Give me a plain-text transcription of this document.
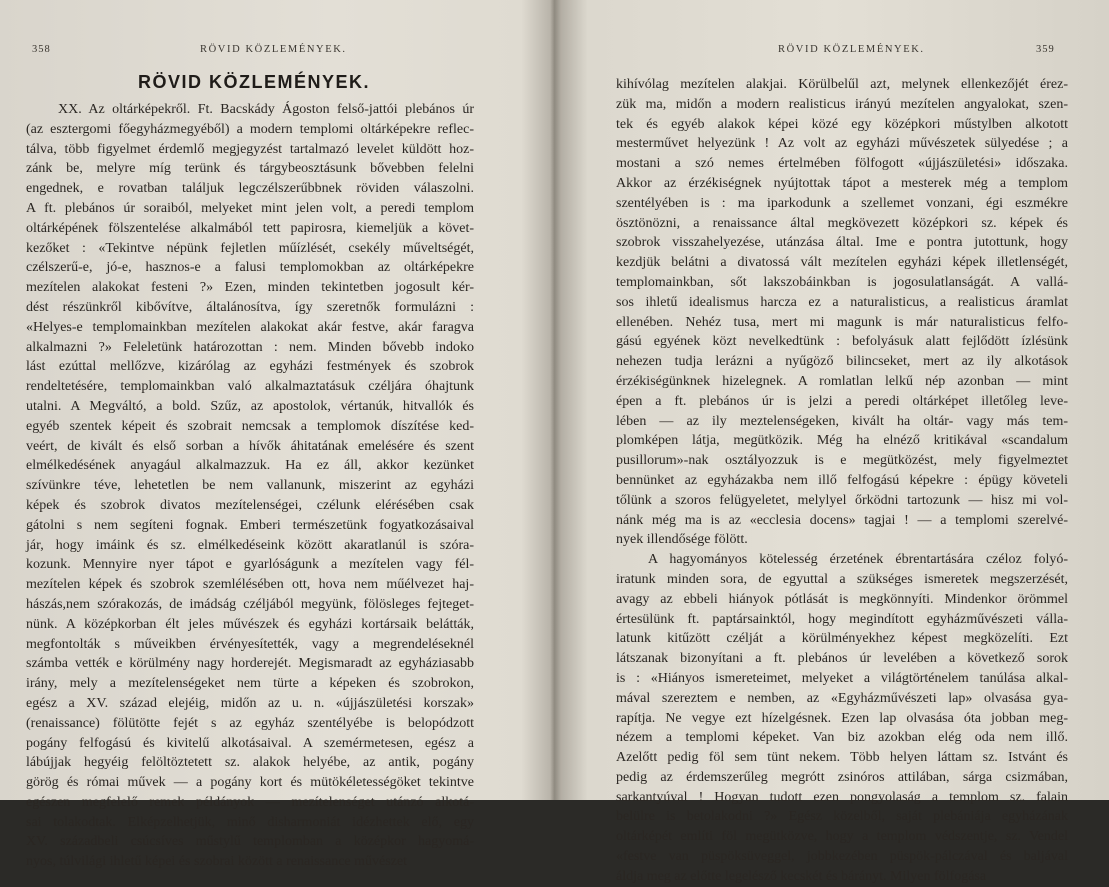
358	RÖVID KÖZLEMÉNYEK.
RÖVID KÖZLEMÉNYEK.
XX. Az oltárképekről. Ft. Bacskády Ágoston felső-jattói plebános úr
(az esztergomi főegyházmegyéből) a modern templomi oltárképekre reflec-
tálva, több figyelmet érdemlő megjegyzést tartalmazó levelet küldött hoz-
zánk be, melyre míg terünk és tárgybeosztásunk bővebben felelni
engednek, e rovatban találjuk legczélszerűbbnek röviden válaszolni.
A ft. plebános úr soraiból, melyeket mint jelen volt, a peredi templom
oltárképének fölszentelése alkalmából tett papirosra, kiemeljük a követ-
kezőket : «Tekintve népünk fejletlen műízlését, csekély műveltségét,
czélszerű-e, jó-e, hasznos-e a falusi templomokban az oltárképekre
mezítelen alakokat festeni ?» Ezen, minden tekintetben jogosult kér-
dést részünkről kibővítve, általánosítva, így szeretnők formulázni :
«Helyes-e templomainkban mezítelen alakokat akár festve, akár faragva
alkalmazni ?» Feleletünk határozottan : nem. Minden bővebb indoko
lást ezúttal mellőzve, kizárólag az egyházi festmények és szobrok
rendeltetésére, templomainkban való alkalmaztatásuk czéljára óhajtunk
utalni. A Megváltó, a bold. Szűz, az apostolok, vértanúk, hitvallók és
egyéb szentek képeit és szobrait nemcsak a templomok díszítése ked-
veért, de kivált és első sorban a hívők áhitatának emelésére és szent
elmélkedésének anyagául alkalmazzuk. Ha ez áll, akkor kezünket
szívünkre téve, lehetetlen be nem vallanunk, miszerint az egyházi
képek és szobrok divatos mezítelenségei, czélunk elérésében csak
gátolni s nem segíteni fognak. Emberi természetünk fogyatkozásaival
jár, hogy imáink és sz. elmélkedéseink között akaratlanúl is szóra-
kozunk. Mennyire nyer tápot e gyarlóságunk a mezítelen vagy fél-
mezítelen képek és szobrok szemlélésében ott, hova nem műélvezet haj-
hászás,nem szórakozás, de imádság czéljából megyünk, fölösleges fejteget-
nünk. A középkorban élt jeles művészek és egyházi kortársaik belátták,
megfontolták s műveikben érvényesítették, vagy a megrendeléseknél
számba vették e körülmény nagy horderejét. Megismaradt az egyháziasabb
irány, mely a mezítelenségeket nem türte a képeken és szobrokon,
egész a XV. század elejéig, midőn az u. n. «újjászületési korszak»
(renaissance) fölütötte fejét s az egyház szentélyébe is belopódzott
pogány felfogású és kivitelű alkotásaival. A szemérmetesen, egész a
lábújjak hegyéig felöltöztetett sz. alakok helyébe, az antik, pogány
görög és római művek — a pogány kort és mütökéletességöket tekintve
egészen megfelelő remek példányok — mezítelenséget utánzó alkotá-
sai tolakodtak. Elképzelhetjük, minő disharmoniát idézhettek elő, egy
XV. századbeli csúcsíves műstylű templomban a középkor hagyomá-
nyos, túlvilági ihletű képei és szobrai között a renaissance művészet
RÖVID KÖZLEMÉNYEK.	359
kihívólag mezítelen alakjai. Körülbelűl azt, melynek ellenkezőjét érez-
zük ma, midőn a modern realisticus irányú mezítelen angyalokat, szen-
tek és egyéb alakok képei közé egy középkori műstylben alkotott
mesterművet helyezünk ! Az volt az egyházi művészetek sülyedése ; a
mostani a szó nemes értelmében fölfogott «újjászületési» időszaka.
Akkor az érzékiségnek nyújtottak tápot a mesterek még a templom
szentélyében is : ma iparkodunk a szellemet vonzani, égi eszmékre
ösztönözni, a renaissance által megkövezett középkori sz. képek és
szobrok visszahelyezése, utánzása által. Ime e pontra jutottunk, hogy
kezdjük belátni a divatossá vált mezítelen egyházi képek illetlenségét,
templomainkban, sőt lakszobáinkban is jogosulatlanságát. A vallá-
sos ihletű idealismus harcza ez a naturalisticus, a realisticus áramlat
ellenében. Nehéz tusa, mert mi magunk is már naturalisticus felfo-
gású egyének közt nevelkedtünk : befolyásuk alatt fejlődött ízlésünk
nehezen tudja lerázni a nyűgöző bilincseket, mert az ily alkotások
érzékiségünknek hizelegnek. A romlatlan lelkű nép azonban — mint
épen a ft. plebános úr is jelzi a peredi oltárképet illetőleg leve-
lében — az ily meztelenségeken, kivált ha oltár- vagy más tem-
plomképen látja, megütközik. Még ha elnéző kritikával «scandalum
pusillorum»-nak osztályozzuk is e megütközést, mely figyelmeztet
bennünket az egyházakba nem illő felfogású képekre : épügy követeli
tőlünk a szoros felügyeletet, melylyel őrködni tartozunk — hisz mi vol-
nánk még ma is az «ecclesia docens» tagjai ! — a templomi szerelvé-
nyek illendősége fölött.
A hagyományos kötelesség érzetének ébrentartására czéloz folyó-
iratunk minden sora, de egyuttal a szükséges ismeretek megszerzését,
avagy az ebbeli hiányok pótlását is megkönnyíti. Mindenkor örömmel
értesülünk ft. paptársainktól, hogy megindított egyházművészeti válla-
latunk kitűzött czélját a körülményekhez képest megközelíti. Ezt
látszanak bizonyítani a ft. plebános úr levelében a következő sorok
is : «Hiányos ismereteimet, melyeket a világtörténelem tanúlása alkal-
mával szereztem e nemben, az «Egyházművészeti lap» olvasása gya-
rapítja. Ne vegye ezt hízelgésnek. Ezen lap olvasása óta jobban meg-
nézem a templomi képeket. Van biz azokban elég oda nem illő.
Azelőtt pedig föl sem tünt nekem. Több helyen láttam sz. Istvánt és
pedig az érdemszerűleg megrótt zsinóros attilában, sárga csizmában,
sarkantyúval ! Hogyan tudott ezen pongyolaság a templom sz. falain
belülre is betolakodni ?» Egész közelből, saját plebániája egyházának
oltárképét említi föl megütközve, hogy a templom védszentje, sz. Vendel
«festve van püspöksüveggel, jobbkezében püspök-pálczával és baljával
áldja meg az előtte legelésző kecskét és bárányt. Milyen fölfogása
